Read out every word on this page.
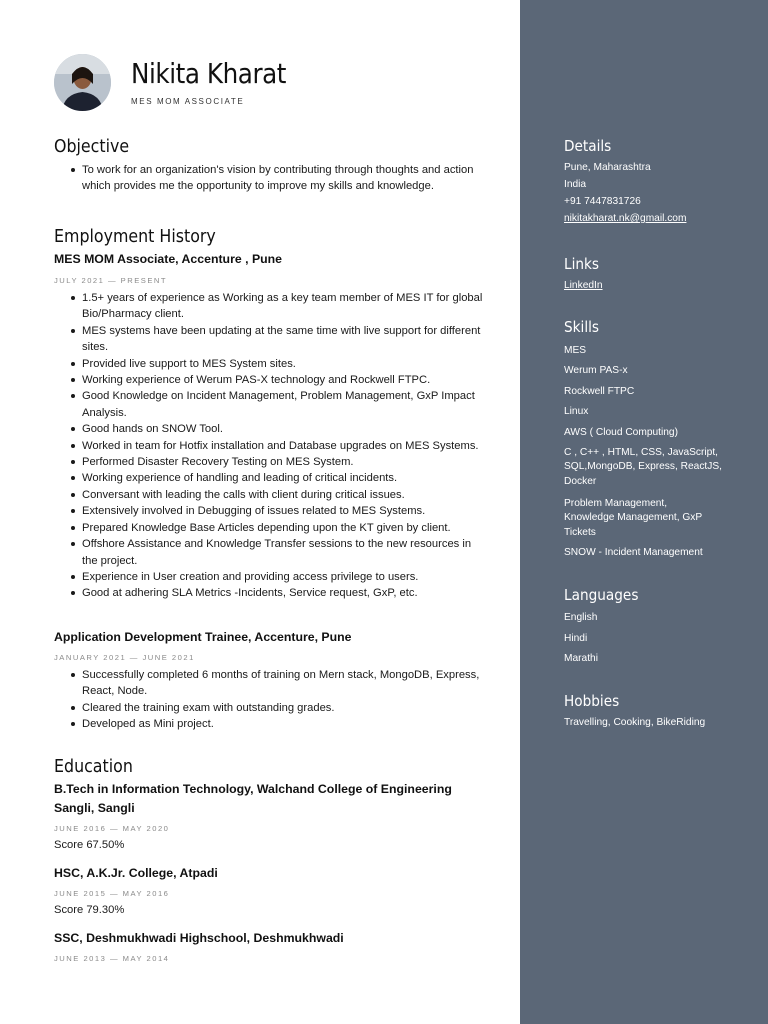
Nikita Kharat
MES MOM ASSOCIATE
Objective
To work for an organization's vision by contributing through thoughts and action which provides me the opportunity to improve my skills and knowledge.
Employment History
MES MOM Associate, Accenture , Pune
JULY 2021 — PRESENT
1.5+ years of experience as Working as a key team member of MES IT for global Bio/Pharmacy client.
MES systems have been updating at the same time with live support for different sites.
Provided live support to MES System sites.
Working experience of Werum PAS-X technology and Rockwell FTPC.
Good Knowledge on Incident Management, Problem Management, GxP Impact Analysis.
Good hands on SNOW Tool.
Worked in team for Hotfix installation and Database upgrades on MES Systems.
Performed Disaster Recovery Testing on MES System.
Working experience of handling and leading of critical incidents.
Conversant with leading the calls with client during critical issues.
Extensively involved in Debugging of issues related to MES Systems.
Prepared Knowledge Base Articles depending upon the KT given by client.
Offshore Assistance and Knowledge Transfer sessions to the new resources in the project.
Experience in User creation and providing access privilege to users.
Good at adhering SLA Metrics -Incidents, Service request, GxP, etc.
Application Development Trainee, Accenture, Pune
JANUARY 2021 — JUNE 2021
Successfully completed 6 months of training on Mern stack, MongoDB, Express, React, Node.
Cleared the training exam with outstanding grades.
Developed as Mini project.
Education
B.Tech in Information Technology, Walchand College of Engineering Sangli, Sangli
JUNE 2016 — MAY 2020
Score 67.50%
HSC, A.K.Jr. College, Atpadi
JUNE 2015 — MAY 2016
Score 79.30%
SSC, Deshmukhwadi Highschool, Deshmukhwadi
JUNE 2013 — MAY 2014
Details
Pune, Maharashtra
India
+91 7447831726
nikitakharat.nk@gmail.com
Links
LinkedIn
Skills
MES
Werum PAS-x
Rockwell FTPC
Linux
AWS ( Cloud Computing)
C , C++ , HTML, CSS, JavaScript, SQL,MongoDB, Express, ReactJS, Docker
Problem Management, Knowledge Management, GxP Tickets
SNOW - Incident Management
Languages
English
Hindi
Marathi
Hobbies
Travelling, Cooking, BikeRiding
